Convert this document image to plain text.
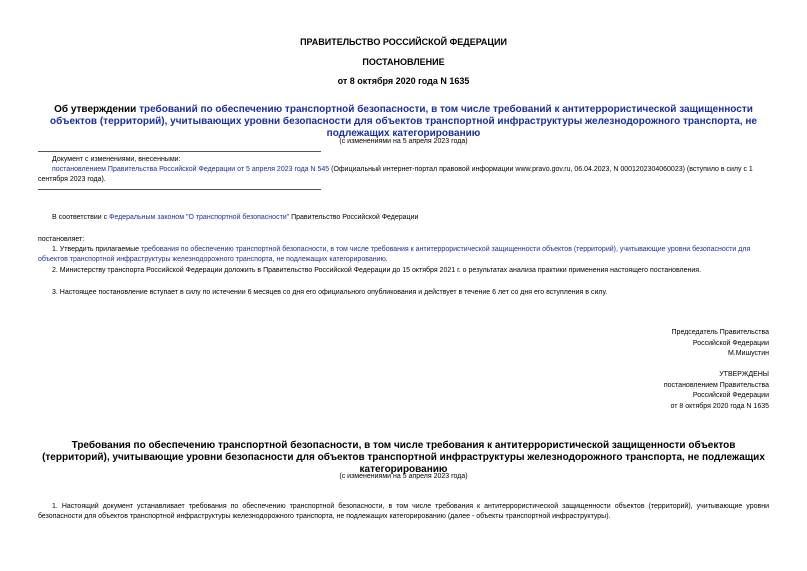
ПРАВИТЕЛЬСТВО РОССИЙСКОЙ ФЕДЕРАЦИИ
ПОСТАНОВЛЕНИЕ
от 8 октября 2020 года N 1635
Об утверждении требований по обеспечению транспортной безопасности, в том числе требований к антитеррористической защищенности объектов (территорий), учитывающих уровни безопасности для объектов транспортной инфраструктуры железнодорожного транспорта, не подлежащих категорированию
(с изменениями на 5 апреля 2023 года)
Документ с изменениями, внесенными:
постановлением Правительства Российской Федерации от 5 апреля 2023 года N 545 (Официальный интернет-портал правовой информации www.pravo.gov.ru, 06.04.2023, N 0001202304060023) (вступило в силу с 1 сентября 2023 года).
В соответствии с Федеральным законом "О транспортной безопасности" Правительство Российской Федерации
постановляет:
1. Утвердить прилагаемые требования по обеспечению транспортной безопасности, в том числе требования к антитеррористической защищенности объектов (территорий), учитывающие уровни безопасности для объектов транспортной инфраструктуры железнодорожного транспорта, не подлежащих категорированию.
2. Министерству транспорта Российской Федерации доложить в Правительство Российской Федерации до 15 октября 2021 г. о результатах анализа практики применения настоящего постановления.
3. Настоящее постановление вступает в силу по истечении 6 месяцев со дня его официального опубликования и действует в течение 6 лет со дня его вступления в силу.
Председатель Правительства
Российской Федерации
М.Мишустин
УТВЕРЖДЕНЫ
постановлением Правительства
Российской Федерации
от 8 октября 2020 года N 1635
Требования по обеспечению транспортной безопасности, в том числе требования к антитеррористической защищенности объектов (территорий), учитывающие уровни безопасности для объектов транспортной инфраструктуры железнодорожного транспорта, не подлежащих категорированию
(с изменениями на 5 апреля 2023 года)
1. Настоящий документ устанавливает требования по обеспечению транспортной безопасности, в том числе требования к антитеррористической защищенности объектов (территорий), учитывающие уровни безопасности для объектов транспортной инфраструктуры железнодорожного транспорта, не подлежащих категорированию (далее - объекты транспортной инфраструктуры).
